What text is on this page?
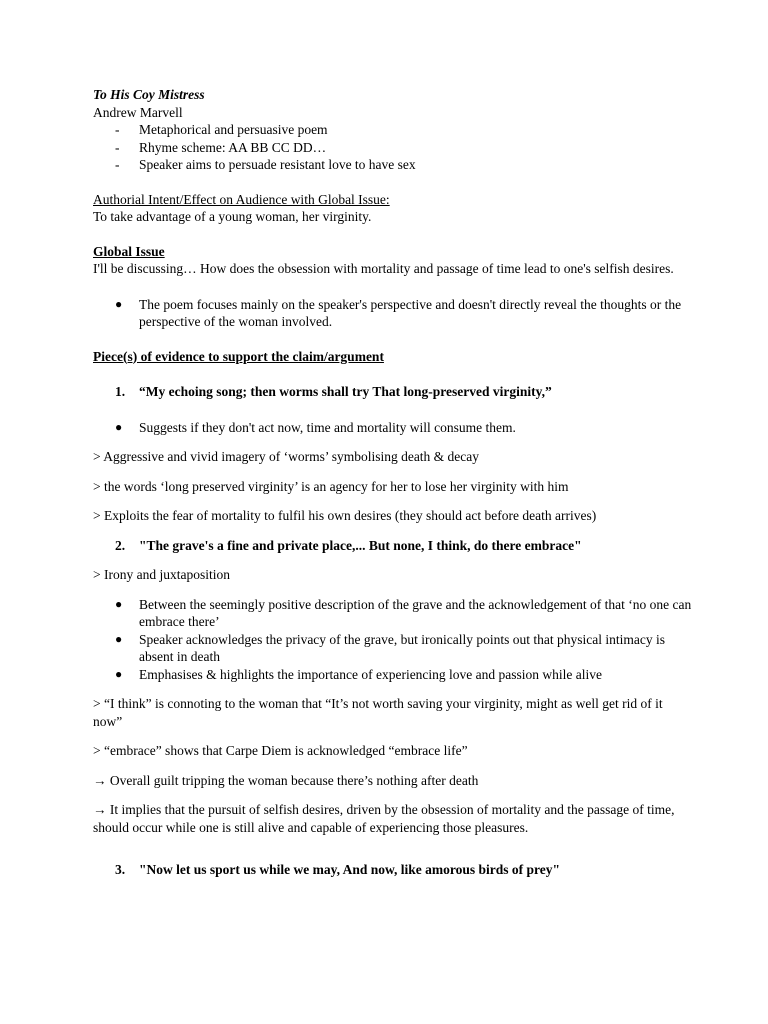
To His Coy Mistress

Andrew Marvell

- Metaphorical and persuasive poem
- Rhyme scheme: AA BB CC DD…
- Speaker aims to persuade resistant love to have sex

Authorial Intent/Effect on Audience with Global Issue:

To take advantage of a young woman, her virginity.

Global Issue

I'll be discussing… How does the obsession with mortality and passage of time lead to one's selfish desires.

● The poem focuses mainly on the speaker's perspective and doesn't directly reveal the thoughts or the perspective of the woman involved.

Piece(s) of evidence to support the claim/argument

1. “My echoing song; then worms shall try That long-preserved virginity,”

● Suggests if they don't act now, time and mortality will consume them.

> Aggressive and vivid imagery of ‘worms’ symbolising death & decay

> the words ‘long preserved virginity’ is an agency for her to lose her virginity with him

> Exploits the fear of mortality to fulfil his own desires (they should act before death arrives)

2. "The grave's a fine and private place,... But none, I think, do there embrace"

> Irony and juxtaposition

● Between the seemingly positive description of the grave and the acknowledgement of that ‘no one can embrace there’
● Speaker acknowledges the privacy of the grave, but ironically points out that physical intimacy is absent in death
● Emphasises & highlights the importance of experiencing love and passion while alive

> “I think” is connoting to the woman that “It’s not worth saving your virginity, might as well get rid of it now”

> “embrace” shows that Carpe Diem is acknowledged “embrace life”

→ Overall guilt tripping the woman because there’s nothing after death

→ It implies that the pursuit of selfish desires, driven by the obsession of mortality and the passage of time, should occur while one is still alive and capable of experiencing those pleasures.

3. "Now let us sport us while we may, And now, like amorous birds of prey"
